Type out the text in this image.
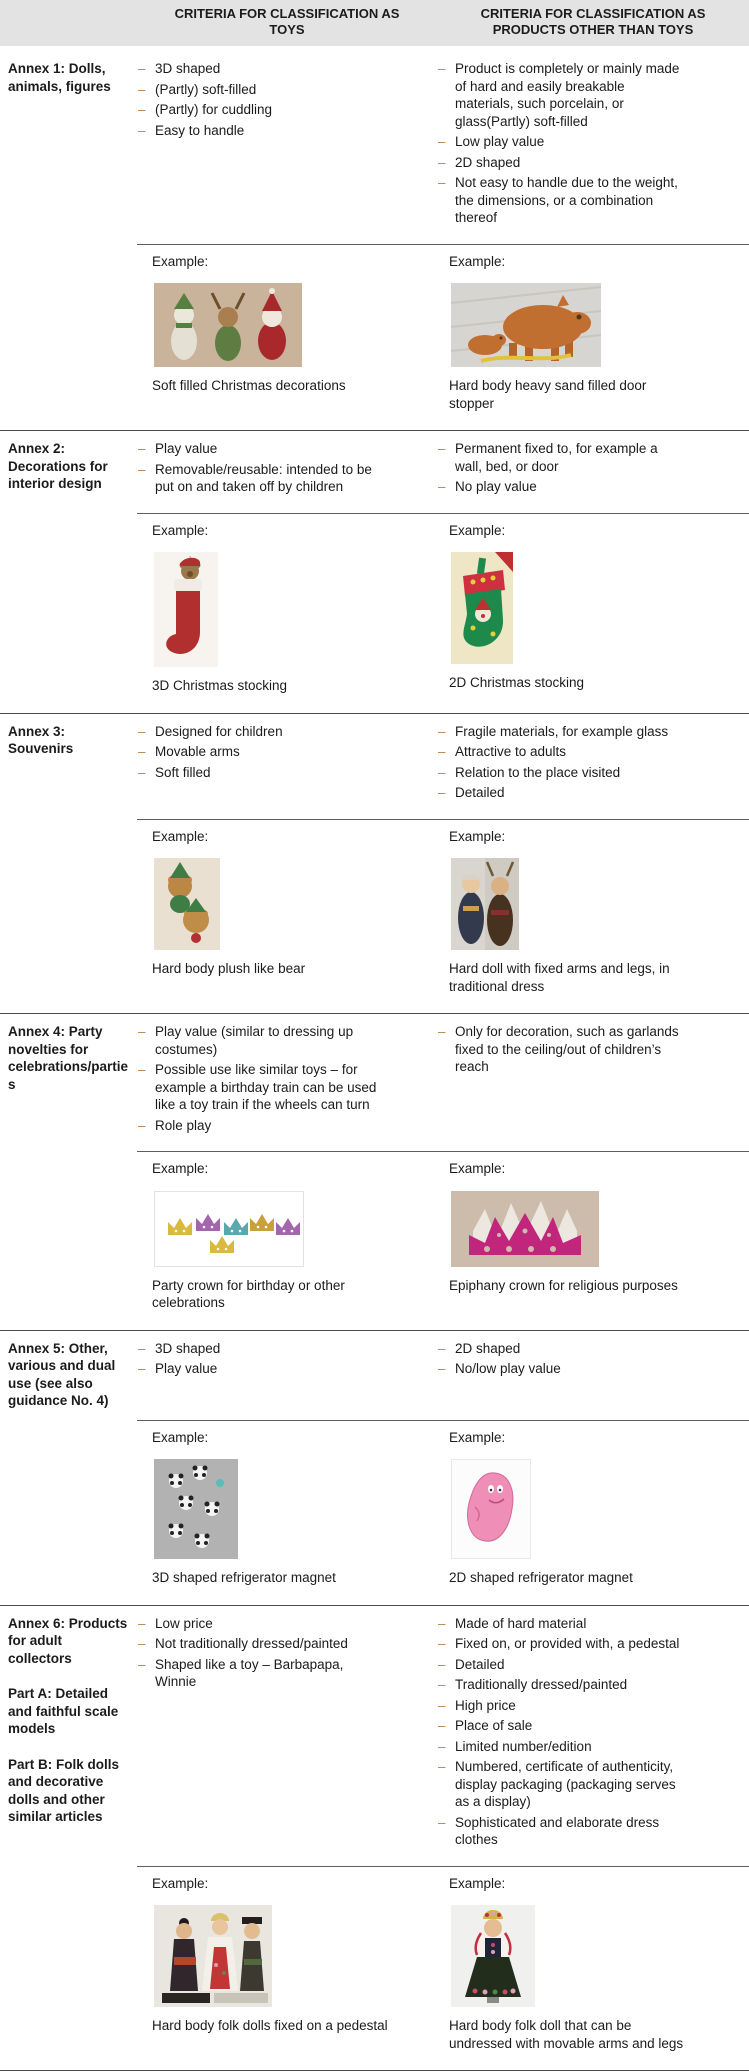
CRITERIA FOR CLASSIFICATION AS TOYS
CRITERIA FOR CLASSIFICATION AS PRODUCTS OTHER THAN TOYS

Annex 1: Dolls, animals, figures

– 3D shaped
– (Partly) soft-filled
– (Partly) for cuddling
– Easy to handle
– Product is completely or mainly made of hard and easily breakable materials, such porcelain, or glass(Partly) soft-filled
– Low play value
– 2D shaped
– Not easy to handle due to the weight, the dimensions, or a combination thereof

Example:

Soft filled Christmas decorations

Example:

Hard body heavy sand filled door stopper

Annex 2: Decorations for interior design

– Play value
– Removable/reusable: intended to be put on and taken off by children
– Permanent fixed to, for example a wall, bed, or door
– No play value

Example:

3D Christmas stocking

Example:

2D Christmas stocking

Annex 3: Souvenirs

– Designed for children
– Movable arms
– Soft filled
– Fragile materials, for example glass
– Attractive to adults
– Relation to the place visited
– Detailed

Example:

Hard body plush like bear

Example:

Hard doll with fixed arms and legs, in traditional dress

Annex 4: Party novelties for celebrations/parties

– Play value (similar to dressing up costumes)
– Possible use like similar toys – for example a birthday train can be used like a toy train if the wheels can turn
– Role play
– Only for decoration, such as garlands fixed to the ceiling/out of children’s reach

Example:

Party crown for birthday or other celebrations

Example:

Epiphany crown for religious purposes

Annex 5: Other, various and dual use (see also guidance No. 4)

– 3D shaped
– Play value
– 2D shaped
– No/low play value

Example:

3D shaped refrigerator magnet

Example:

2D shaped refrigerator magnet

Annex 6: Products for adult collectors

Part A: Detailed and faithful scale models

Part B: Folk dolls and decorative dolls and other similar articles

– Low price
– Not traditionally dressed/painted
– Shaped like a toy – Barbapapa, Winnie
– Made of hard material
– Fixed on, or provided with, a pedestal
– Detailed
– Traditionally dressed/painted
– High price
– Place of sale
– Limited number/edition
– Numbered, certificate of authenticity, display packaging (packaging serves as a display)
– Sophisticated and elaborate dress clothes

Example:

Hard body folk dolls fixed on a pedestal

Example:

Hard body folk doll that can be undressed with movable arms and legs
